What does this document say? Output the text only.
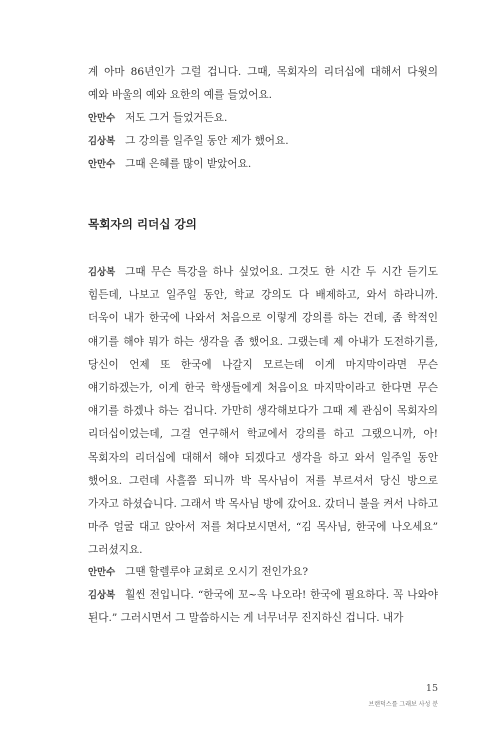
계 아마 86년인가 그럴 겁니다. 그때, 목회자의 리더십에 대해서 다윗의 예와 바울의 예와 요한의 예를 들었어요.

안만수 저도 그거 들었거든요.

김상복 그 강의를 일주일 동안 제가 했어요.

안만수 그때 은혜를 많이 받았어요.

목회자의 리더십 강의

김상복 그때 무슨 특강을 하나 싶었어요. 그것도 한 시간 두 시간 듣기도 힘든데, 나보고 일주일 동안, 학교 강의도 다 배제하고, 와서 하라니까. 더욱이 내가 한국에 나와서 처음으로 이렇게 강의를 하는 건데, 좀 학적인 얘기를 해야 뭐가 하는 생각을 좀 했어요. 그랬는데 제 아내가 도전하기를, 당신이 언제 또 한국에 나갈지 모르는데 이게 마지막이라면 무슨 얘기하겠는가, 이게 한국 학생들에게 처음이요 마지막이라고 한다면 무슨 얘기를 하겠나 하는 겁니다. 가만히 생각해보다가 그때 제 관심이 목회자의 리더십이었는데, 그걸 연구해서 학교에서 강의를 하고 그랬으니까, 아! 목회자의 리더십에 대해서 해야 되겠다고 생각을 하고 와서 일주일 동안 했어요. 그런데 사흘쯤 되니까 박 목사님이 저를 부르셔서 당신 방으로 가자고 하셨습니다. 그래서 박 목사님 방에 갔어요. 갔더니 불을 켜서 나하고 마주 얼굴 대고 앉아서 저를 쳐다보시면서, “김 목사님, 한국에 나오세요” 그러셨지요.

안만수 그땐 할렐루야 교회로 오시기 전인가요?

김상복 훨씬 전입니다. “한국에 꼬~옥 나오라! 한국에 필요하다. 꼭 나와야 된다.” 그러시면서 그 말씀하시는 게 너무너무 진지하신 겁니다. 내가

15
브랜덕스를 그래보 사성 분
